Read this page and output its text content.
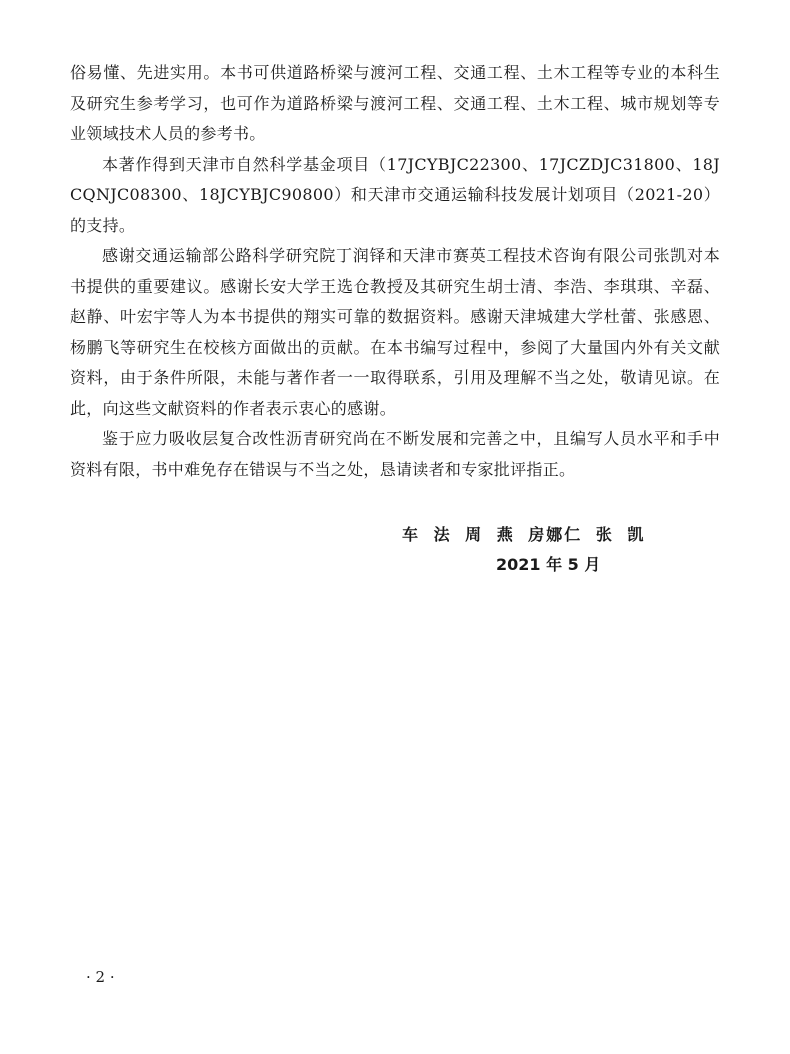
俗易懂、先进实用。本书可供道路桥梁与渡河工程、交通工程、土木工程等专业的本科生及研究生参考学习，也可作为道路桥梁与渡河工程、交通工程、土木工程、城市规划等专业领域技术人员的参考书。

本著作得到天津市自然科学基金项目（17JCYBJC22300、17JCZDJC31800、18JCQNJC08300、18JCYBJC90800）和天津市交通运输科技发展计划项目（2021-20）的支持。

感谢交通运输部公路科学研究院丁润铎和天津市赛英工程技术咨询有限公司张凯对本书提供的重要建议。感谢长安大学王选仓教授及其研究生胡士清、李浩、李琪琪、辛磊、赵静、叶宏宇等人为本书提供的翔实可靠的数据资料。感谢天津城建大学杜蕾、张感恩、杨鹏飞等研究生在校核方面做出的贡献。在本书编写过程中，参阅了大量国内外有关文献资料，由于条件所限，未能与著作者一一取得联系，引用及理解不当之处，敬请见谅。在此，向这些文献资料的作者表示衷心的感谢。

鉴于应力吸收层复合改性沥青研究尚在不断发展和完善之中，且编写人员水平和手中资料有限，书中难免存在错误与不当之处，恳请读者和专家批评指正。

车 法 周 燕 房娜仁 张 凯
2021 年 5 月
· 2 ·
